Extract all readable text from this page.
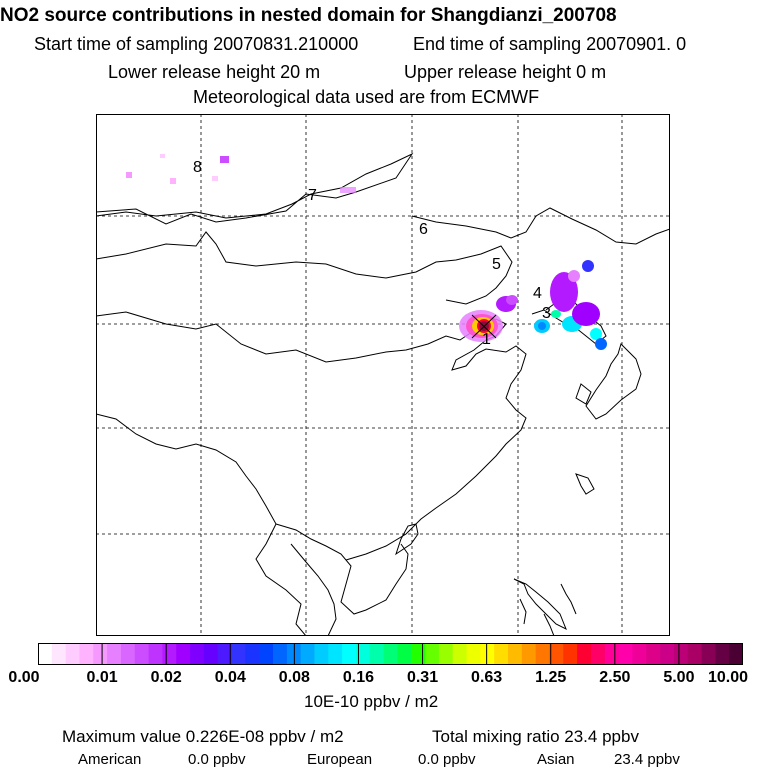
NO2 source contributions in nested domain for Shangdianzi_200708
Start time of sampling 20070831.210000	End time of sampling 20070901. 0
Lower release height 20 m	Upper release height 0 m
Meteorological data used are from ECMWF
1
3
4
5
6
7
8
0.00	0.01 0.02 0.04 0.08 0.16 0.31 0.63 1.25 2.50 5.00 10.00
10E-10 ppbv / m2
Maximum value 0.226E-08 ppbv / m2	Total mixing ratio 23.4 ppbv
American	0.0 ppbv	European	0.0 ppbv	Asian	23.4 ppbv
